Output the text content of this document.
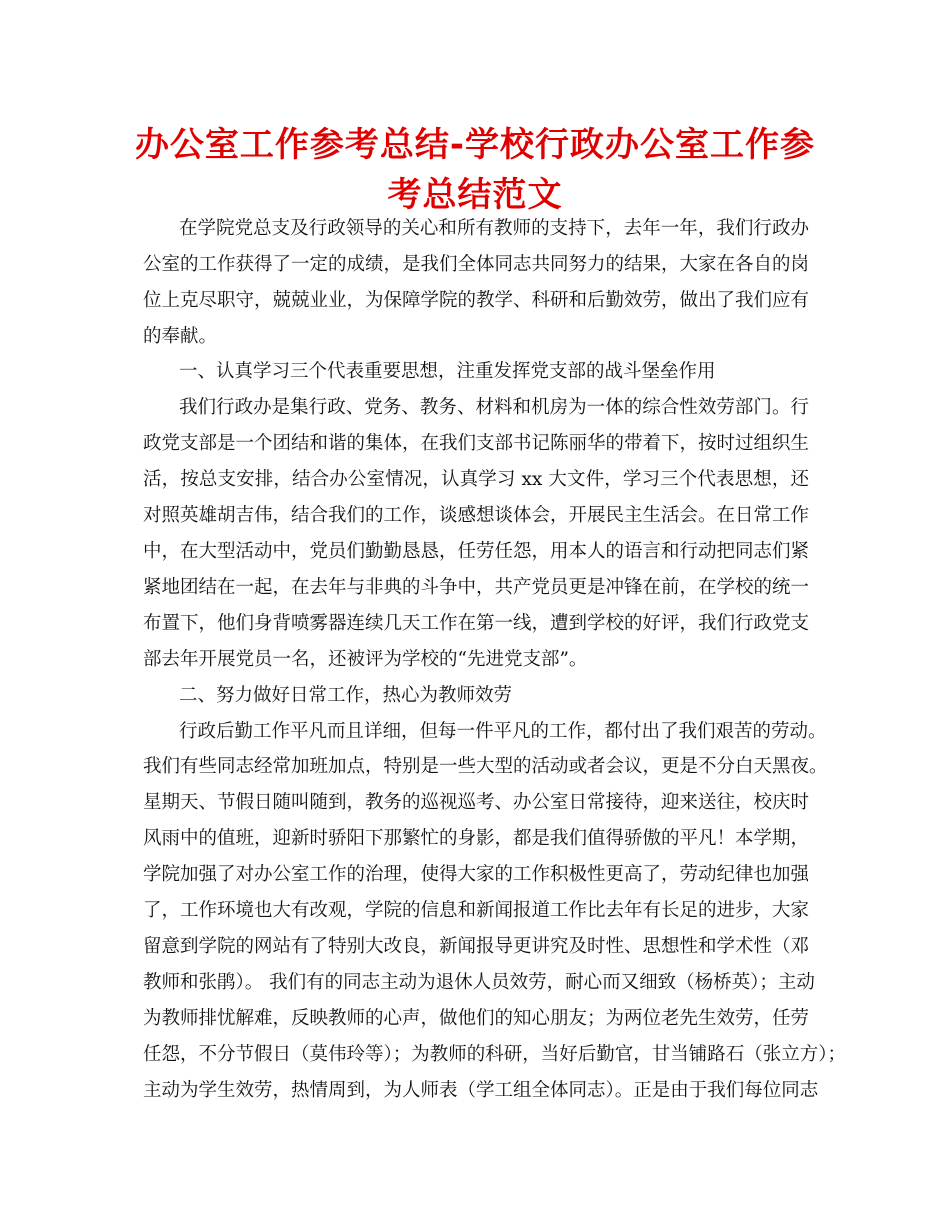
办公室工作参考总结-学校行政办公室工作参考总结范文
在学院党总支及行政领导的关心和所有教师的支持下，去年一年，我们行政办
公室的工作获得了一定的成绩，是我们全体同志共同努力的结果，大家在各自的岗
位上克尽职守，兢兢业业，为保障学院的教学、科研和后勤效劳，做出了我们应有
的奉献。
一、认真学习三个代表重要思想，注重发挥党支部的战斗堡垒作用
我们行政办是集行政、党务、教务、材料和机房为一体的综合性效劳部门。行
政党支部是一个团结和谐的集体，在我们支部书记陈丽华的带着下，按时过组织生
活，按总支安排，结合办公室情况，认真学习 xx 大文件，学习三个代表思想，还
对照英雄胡吉伟，结合我们的工作，谈感想谈体会，开展民主生活会。在日常工作
中，在大型活动中，党员们勤勤恳恳，任劳任怨，用本人的语言和行动把同志们紧
紧地团结在一起，在去年与非典的斗争中，共产党员更是冲锋在前，在学校的统一
布置下，他们身背喷雾器连续几天工作在第一线，遭到学校的好评，我们行政党支
部去年开展党员一名，还被评为学校的“先进党支部”。
二、努力做好日常工作，热心为教师效劳
行政后勤工作平凡而且详细，但每一件平凡的工作，都付出了我们艰苦的劳动。
我们有些同志经常加班加点，特别是一些大型的活动或者会议，更是不分白天黑夜。
星期天、节假日随叫随到，教务的巡视巡考、办公室日常接待，迎来送往，校庆时
风雨中的值班，迎新时骄阳下那繁忙的身影，都是我们值得骄傲的平凡！本学期，
学院加强了对办公室工作的治理，使得大家的工作积极性更高了，劳动纪律也加强
了，工作环境也大有改观，学院的信息和新闻报道工作比去年有长足的进步，大家
留意到学院的网站有了特别大改良，新闻报导更讲究及时性、思想性和学术性（邓
教师和张鹃）。 我们有的同志主动为退休人员效劳，耐心而又细致（杨桥英）；主动
为教师排忧解难，反映教师的心声，做他们的知心朋友；为两位老先生效劳，任劳
任怨，不分节假日（莫伟玲等）；为教师的科研，当好后勤官，甘当铺路石（张立方）；
主动为学生效劳，热情周到，为人师表（学工组全体同志）。正是由于我们每位同志
